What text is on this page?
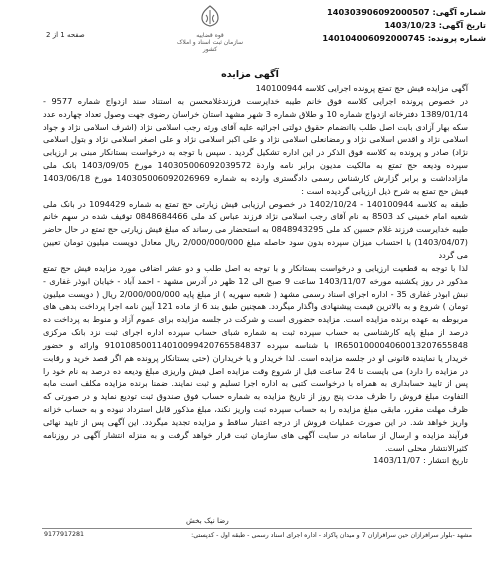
شماره آگهی: 140303906092000507
تاریخ آگهی: 1403/10/23
شماره پرونده: 140104006092000745
قوه قضاییه
سازمان ثبت اسناد و املاک کشور
صفحه 1 از 2
آگهی مزایده

آگهی مزایده فیش حج تمتع پرونده اجرایی کلاسه 140100944

در خصوص پرونده اجرایی کلاسه فوق خانم طیبه خدایرست فرزندغلامحسن به استناد سند ازدواج شماره 9577 - 1389/01/14 دفترخانه ازدواج شماره 10 و طلاق شماره 3 شهر مشهد استان خراسان رضوی جهت وصول تعداد چهارده عدد سکه بهار آزادی بابت اصل طلب باانضمام حقوق دولتی اجرائیه علیه آقای ورثه رجب اسلامی نژاد (اشرف اسلامی نژاد و جواد اسلامی نژاد و اقدس اسلامی نژاد و رمضانعلی اسلامی نژاد و علی اکبر اسلامی نژاد و علی اصغر اسلامی نژاد و بتول اسلامی نژاد) صادر و پرونده به کلاسه فوق الذکر در این اداره تشکیل گردید . سپس با توجه به درخواست بستانکار مبنی بر ارزیابی سپرده ودیعه حج تمتع به مالکیت مدیون برابر نامه واردة 140305006092039572 مورخ 1403/09/05 بانک ملی مازادداشت و برابر گزارش کارشناس رسمی دادگستری وارده به شماره 140305006092026969 مورخ 1403/06/18 فیش حج تمتع به شرح ذیل ارزیابی گردیده است :

طبقه به کلاسه 140100944 - 1402/10/24 در خصوص ارزیابی فیش زیارتی حج تمتع به شماره 1094429 در بانک ملی شعبه امام خمینی کد 8503 به نام آقای رجب اسلامی نژاد فرزند عباس کد ملی 0848684466 توقیف شده در سهم خانم طیبه خدایرست فرزند غلام حسین کد ملی 0848943295 به استحضار می رساند که مبلغ فیش زیارتی حج تمتع در حال حاضر (1403/04/07) با احتساب میزان سپرده بدون سود حاصله مبلغ 2/000/000/000 ریال معادل دویست میلیون تومان تعیین می گردد

لذا با توجه به قطعیت ارزیابی و درخواست بستانکار و با توجه به اصل طلب و دو عشر اضافی مورد مزایده فیش حج تمتع مذکور در روز یکشنبه مورخه 1403/11/07 ساعت 9 صبح الی 12 ظهر در آدرس مشهد - احمد آباد - خیابان ابوذر غفاری - نبش ابوذر غفاری 35 - اداره اجرای اسناد رسمی مشهد ( شعبه سهریه ) از مبلغ پایه 2/000/000/000 ریال ( دویست میلیون تومان ) شروع و به بالاترین قیمت پیشنهادی واگذار میگردد. همچنین طبق بند 6 از ماده 121 آیین نامه اجرا پرداخت بدهی های مربوطه به عهده برنده مزایده است. مزایده حضوری است و شرکت در جلسه مزایده برای عموم آزاد و منوط به پرداخت ده درصد از مبلغ پایه کارشناسی به حساب سپرده ثبت به شماره شبای حساب سپرده اداره اجرای ثبت نزد بانک مرکزی IR650100004060013207655848 با شناسه سپرده 910108500114010099420765584837 وارائه و حضور خریدار یا نماینده قانونی او در جلسه مزایده است. لذا خریدار و یا خریداران (حتی بستانکار پرونده هم اگر قصد خرید و رقابت در مزایده را دارد) می بایست تا 24 ساعت قبل از شروع وقت مزایده اصل فیش واریزی مبلغ ودیعه ده درصد به نام خود را پس از تایید حسابداری به همراه با درخواست کتبی به اداره اجرا تسلیم و ثبت نمایند. ضمنا برنده مزایده مکلف است مابه التفاوت مبلغ فروش را ظرف مدت پنج روز از تاریخ مزایده به شماره حساب فوق صندوق ثبت تودیع نماید و در صورتی که ظرف مهلت مقرر، مابقی مبلغ مزایده را به حساب سپرده ثبت واریز نکند، مبلغ مذکور قابل استرداد نبوده و به حساب خزانه واریز خواهد شد. در این صورت عملیات فروش از درجه اعتبار ساقط و مزایده تجدید میگردد. این آگهی پس از تایید نهائی فرآیند مزایده و ارسال از سامانه در سایت آگهی های سازمان ثبت قرار خواهد گرفت و به منزله انتشار آگهی در روزنامه کثیرالانتشار محلی است.

تاریخ انتشار : 1403/11/07

رضا نیک بخش
مشهد -بلوار سرافرازان حین سرافرازان 7 و میدان پاکزاد - اداره اجرای اسناد رسمی - طبقه اول - کدپستی:
9177917281
